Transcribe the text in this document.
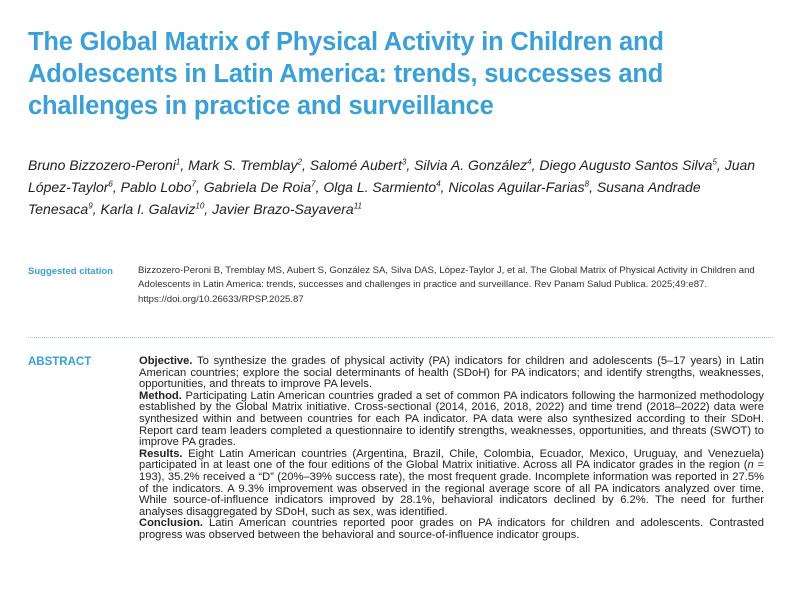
The Global Matrix of Physical Activity in Children and Adolescents in Latin America: trends, successes and challenges in practice and surveillance
Bruno Bizzozero-Peroni$^1$, Mark S. Tremblay$^2$, Salomé Aubert$^3$, Silvia A. González$^4$, Diego Augusto Santos Silva$^5$, Juan López-Taylor$^6$, Pablo Lobo$^7$, Gabriela De Roia$^7$, Olga L. Sarmiento$^4$, Nicolas Aguilar-Farias$^8$, Susana Andrade Tenesaca$^9$, Karla I. Galaviz$^{10}$, Javier Brazo-Sayavera$^{11}$
Suggested citation	Bizzozero-Peroni B, Tremblay MS, Aubert S, González SA, Silva DAS, López-Taylor J, et al. The Global Matrix of Physical Activity in Children and Adolescents in Latin America: trends, successes and challenges in practice and surveillance. Rev Panam Salud Publica. 2025;49:e87. https://doi.org/10.26633/RPSP.2025.87
ABSTRACT	Objective. To synthesize the grades of physical activity (PA) indicators for children and adolescents (5–17 years) in Latin American countries; explore the social determinants of health (SDoH) for PA indicators; and identify strengths, weaknesses, opportunities, and threats to improve PA levels.

Method. Participating Latin American countries graded a set of common PA indicators following the harmonized methodology established by the Global Matrix initiative. Cross-sectional (2014, 2016, 2018, 2022) and time trend (2018–2022) data were synthesized within and between countries for each PA indicator. PA data were also synthesized according to their SDoH. Report card team leaders completed a questionnaire to identify strengths, weaknesses, opportunities, and threats (SWOT) to improve PA grades.

Results. Eight Latin American countries (Argentina, Brazil, Chile, Colombia, Ecuador, Mexico, Uruguay, and Venezuela) participated in at least one of the four editions of the Global Matrix initiative. Across all PA indicator grades in the region (n = 193), 35.2% received a “D” (20%–39% success rate), the most frequent grade. Incomplete information was reported in 27.5% of the indicators. A 9.3% improvement was observed in the regional average score of all PA indicators analyzed over time. While source-of-influence indicators improved by 28.1%, behavioral indicators declined by 6.2%. The need for further analyses disaggregated by SDoH, such as sex, was identified.

Conclusion. Latin American countries reported poor grades on PA indicators for children and adolescents. Contrasted progress was observed between the behavioral and source-of-influence indicator groups.
